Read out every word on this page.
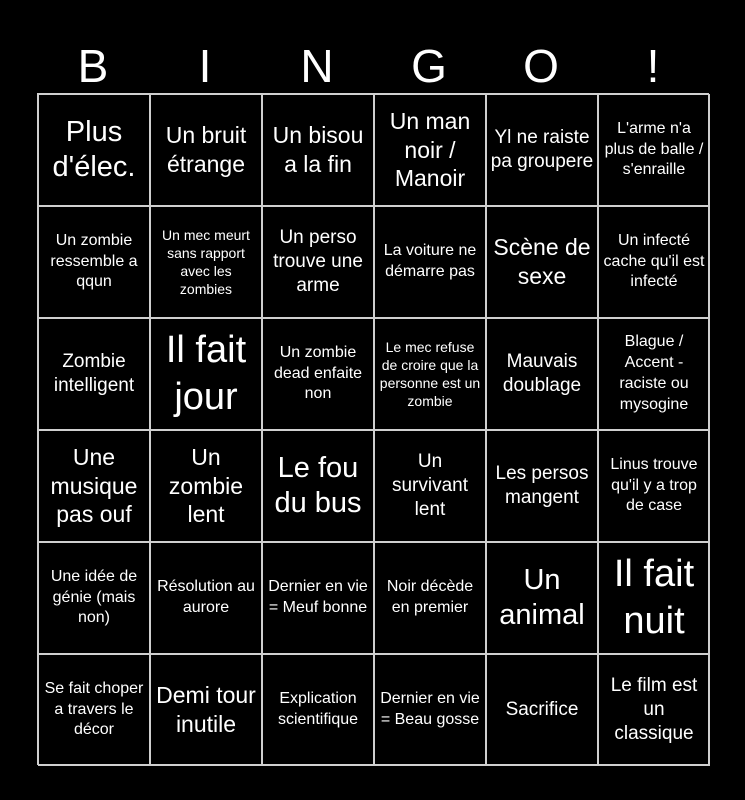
B	I	N	G	O	!
Plus d'élec.
Un bruit étrange
Un bisou a la fin
Un man noir / Manoir
Yl ne raiste pa groupere
L'arme n'a plus de balle / s'enraille
Un zombie ressemble a qqun
Un mec meurt sans rapport avec les zombies
Un perso trouve une arme
La voiture ne démarre pas
Scène de sexe
Un infecté cache qu'il est infecté
Zombie intelligent
Il fait jour
Un zombie dead enfaite non
Le mec refuse de croire que la personne est un zombie
Mauvais doublage
Blague / Accent - raciste ou mysogine
Une musique pas ouf
Un zombie lent
Le fou du bus
Un survivant lent
Les persos mangent
Linus trouve qu'il y a trop de case
Une idée de génie (mais non)
Résolution au aurore
Dernier en vie = Meuf bonne
Noir décède en premier
Un animal
Il fait nuit
Se fait choper a travers le décor
Demi tour inutile
Explication scientifique
Dernier en vie = Beau gosse Sacrifice
Le film est un classique
